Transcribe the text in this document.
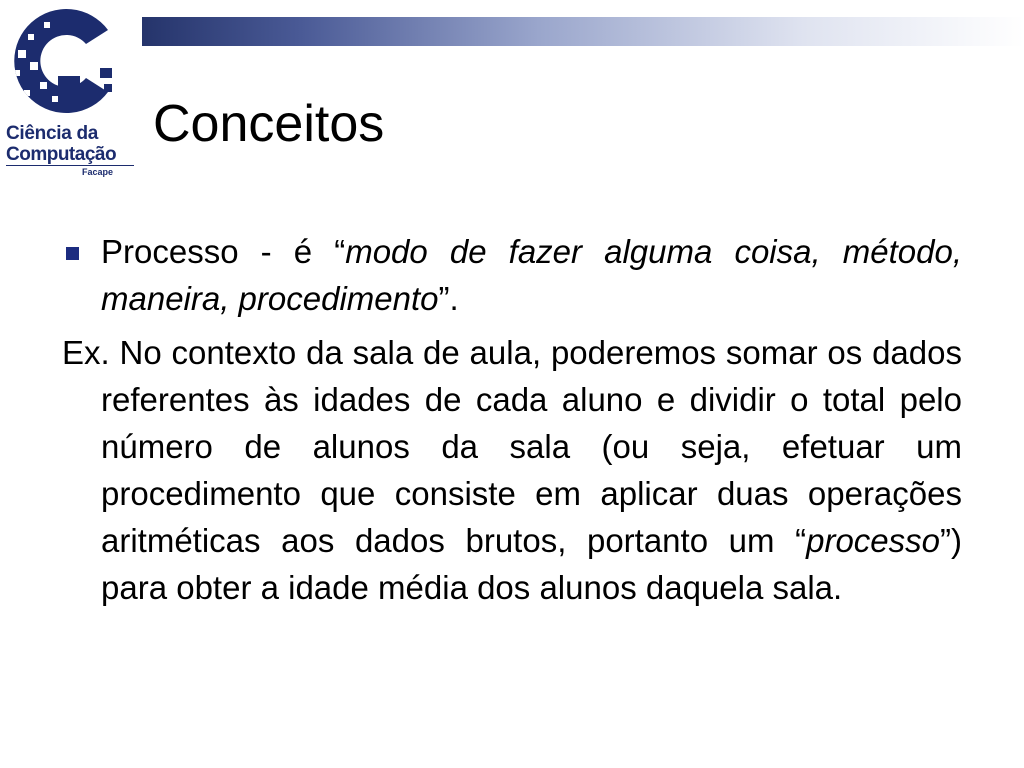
Ciência da
Computação
Facape
Conceitos
Processo - é “modo de fazer alguma coisa, método, maneira, procedimento”.
Ex. No contexto da sala de aula, poderemos somar os dados referentes às idades de cada aluno e dividir o total pelo número de alunos da sala (ou seja, efetuar um procedimento que consiste em aplicar duas operações aritméticas aos dados brutos, portanto um “processo”) para obter a idade média dos alunos daquela sala.
